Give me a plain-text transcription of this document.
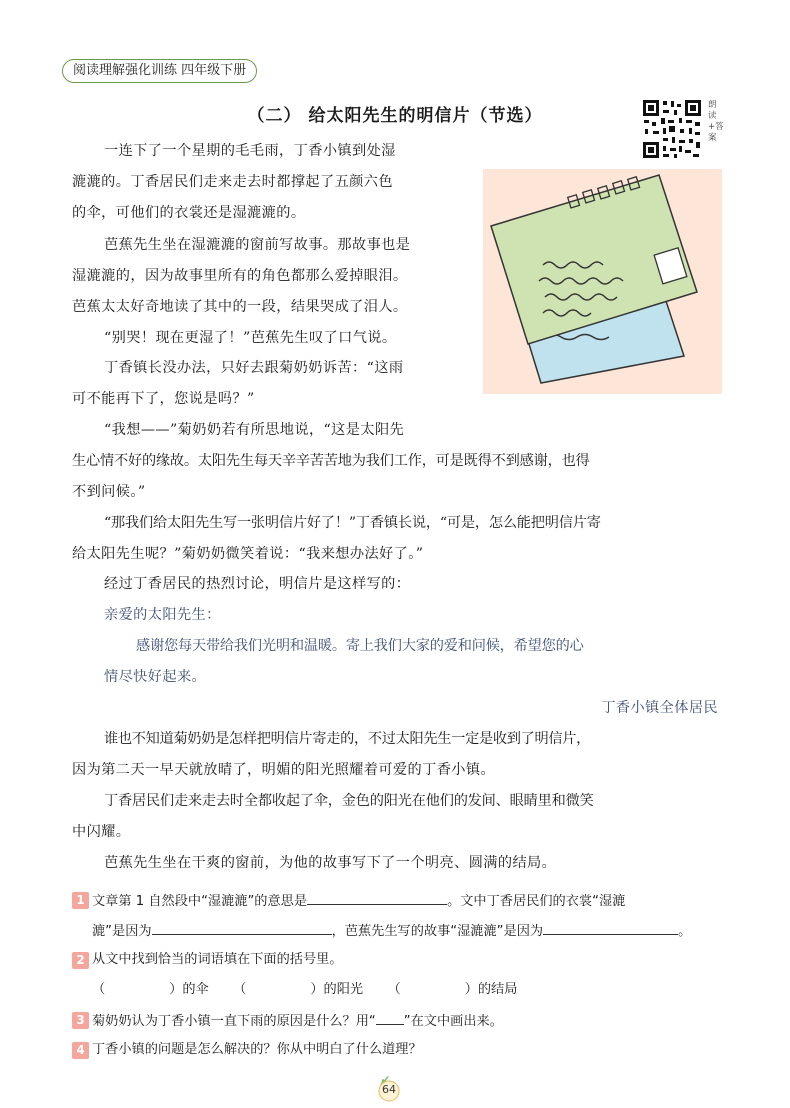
阅读理解强化训练 四年级下册
（二） 给太阳先生的明信片（节选）
朗读+答案
一连下了一个星期的毛毛雨，丁香小镇到处湿
漉漉的。丁香居民们走来走去时都撑起了五颜六色
的伞，可他们的衣裳还是湿漉漉的。
芭蕉先生坐在湿漉漉的窗前写故事。那故事也是
湿漉漉的，因为故事里所有的角色都那么爱掉眼泪。
芭蕉太太好奇地读了其中的一段，结果哭成了泪人。
“别哭！现在更湿了！”芭蕉先生叹了口气说。
丁香镇长没办法，只好去跟菊奶奶诉苦：“这雨
可不能再下了，您说是吗？”
“我想——”菊奶奶若有所思地说，“这是太阳先
生心情不好的缘故。太阳先生每天辛辛苦苦地为我们工作，可是既得不到感谢，也得
不到问候。”
“那我们给太阳先生写一张明信片好了！”丁香镇长说，“可是，怎么能把明信片寄
给太阳先生呢？”菊奶奶微笑着说：“我来想办法好了。”
经过丁香居民的热烈讨论，明信片是这样写的：
亲爱的太阳先生：
感谢您每天带给我们光明和温暖。寄上我们大家的爱和问候，希望您的心
情尽快好起来。
丁香小镇全体居民
谁也不知道菊奶奶是怎样把明信片寄走的，不过太阳先生一定是收到了明信片，
因为第二天一早天就放晴了，明媚的阳光照耀着可爱的丁香小镇。
丁香居民们走来走去时全都收起了伞，金色的阳光在他们的发间、眼睛里和微笑
中闪耀。
芭蕉先生坐在干爽的窗前，为他的故事写下了一个明亮、圆满的结局。
1 文章第 1 自然段中“湿漉漉”的意思是	。文中丁香居民们的衣裳“湿漉
漉”是因为	，芭蕉先生写的故事“湿漉漉”是因为	。
2 从文中找到恰当的词语填在下面的括号里。
（	）的伞 （	）的阳光 （	）的结局
3 菊奶奶认为丁香小镇一直下雨的原因是什么？用“ ”在文中画出来。
4 丁香小镇的问题是怎么解决的？你从中明白了什么道理？
64
